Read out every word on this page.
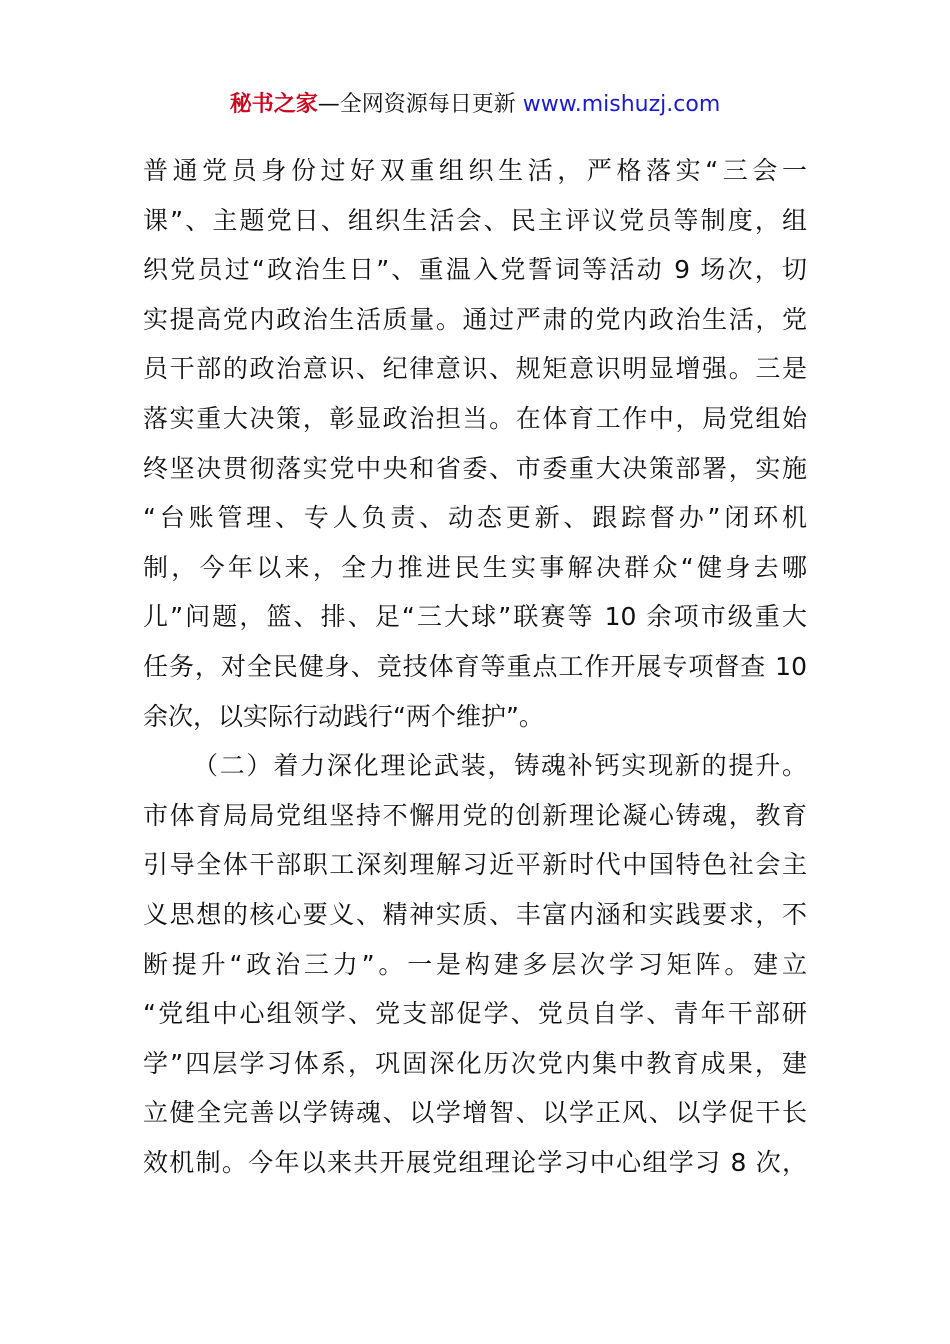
秘书之家—全网资源每日更新 www.mishuzj.com
普通党员身份过好双重组织生活，严格落实“三会一
课”、主题党日、组织生活会、民主评议党员等制度，组
织党员过“政治生日”、重温入党誓词等活动 9 场次，切
实提高党内政治生活质量。通过严肃的党内政治生活，党
员干部的政治意识、纪律意识、规矩意识明显增强。三是
落实重大决策，彰显政治担当。在体育工作中，局党组始
终坚决贯彻落实党中央和省委、市委重大决策部署，实施
“台账管理、专人负责、动态更新、跟踪督办”闭环机
制，今年以来，全力推进民生实事解决群众“健身去哪
儿”问题，篮、排、足“三大球”联赛等 10 余项市级重大
任务，对全民健身、竞技体育等重点工作开展专项督查 10
余次，以实际行动践行“两个维护”。
（二）着力深化理论武装，铸魂补钙实现新的提升。
市体育局局党组坚持不懈用党的创新理论凝心铸魂，教育
引导全体干部职工深刻理解习近平新时代中国特色社会主
义思想的核心要义、精神实质、丰富内涵和实践要求，不
断提升“政治三力”。一是构建多层次学习矩阵。建立
“党组中心组领学、党支部促学、党员自学、青年干部研
学”四层学习体系，巩固深化历次党内集中教育成果，建
立健全完善以学铸魂、以学增智、以学正风、以学促干长
效机制。今年以来共开展党组理论学习中心组学习 8 次，
